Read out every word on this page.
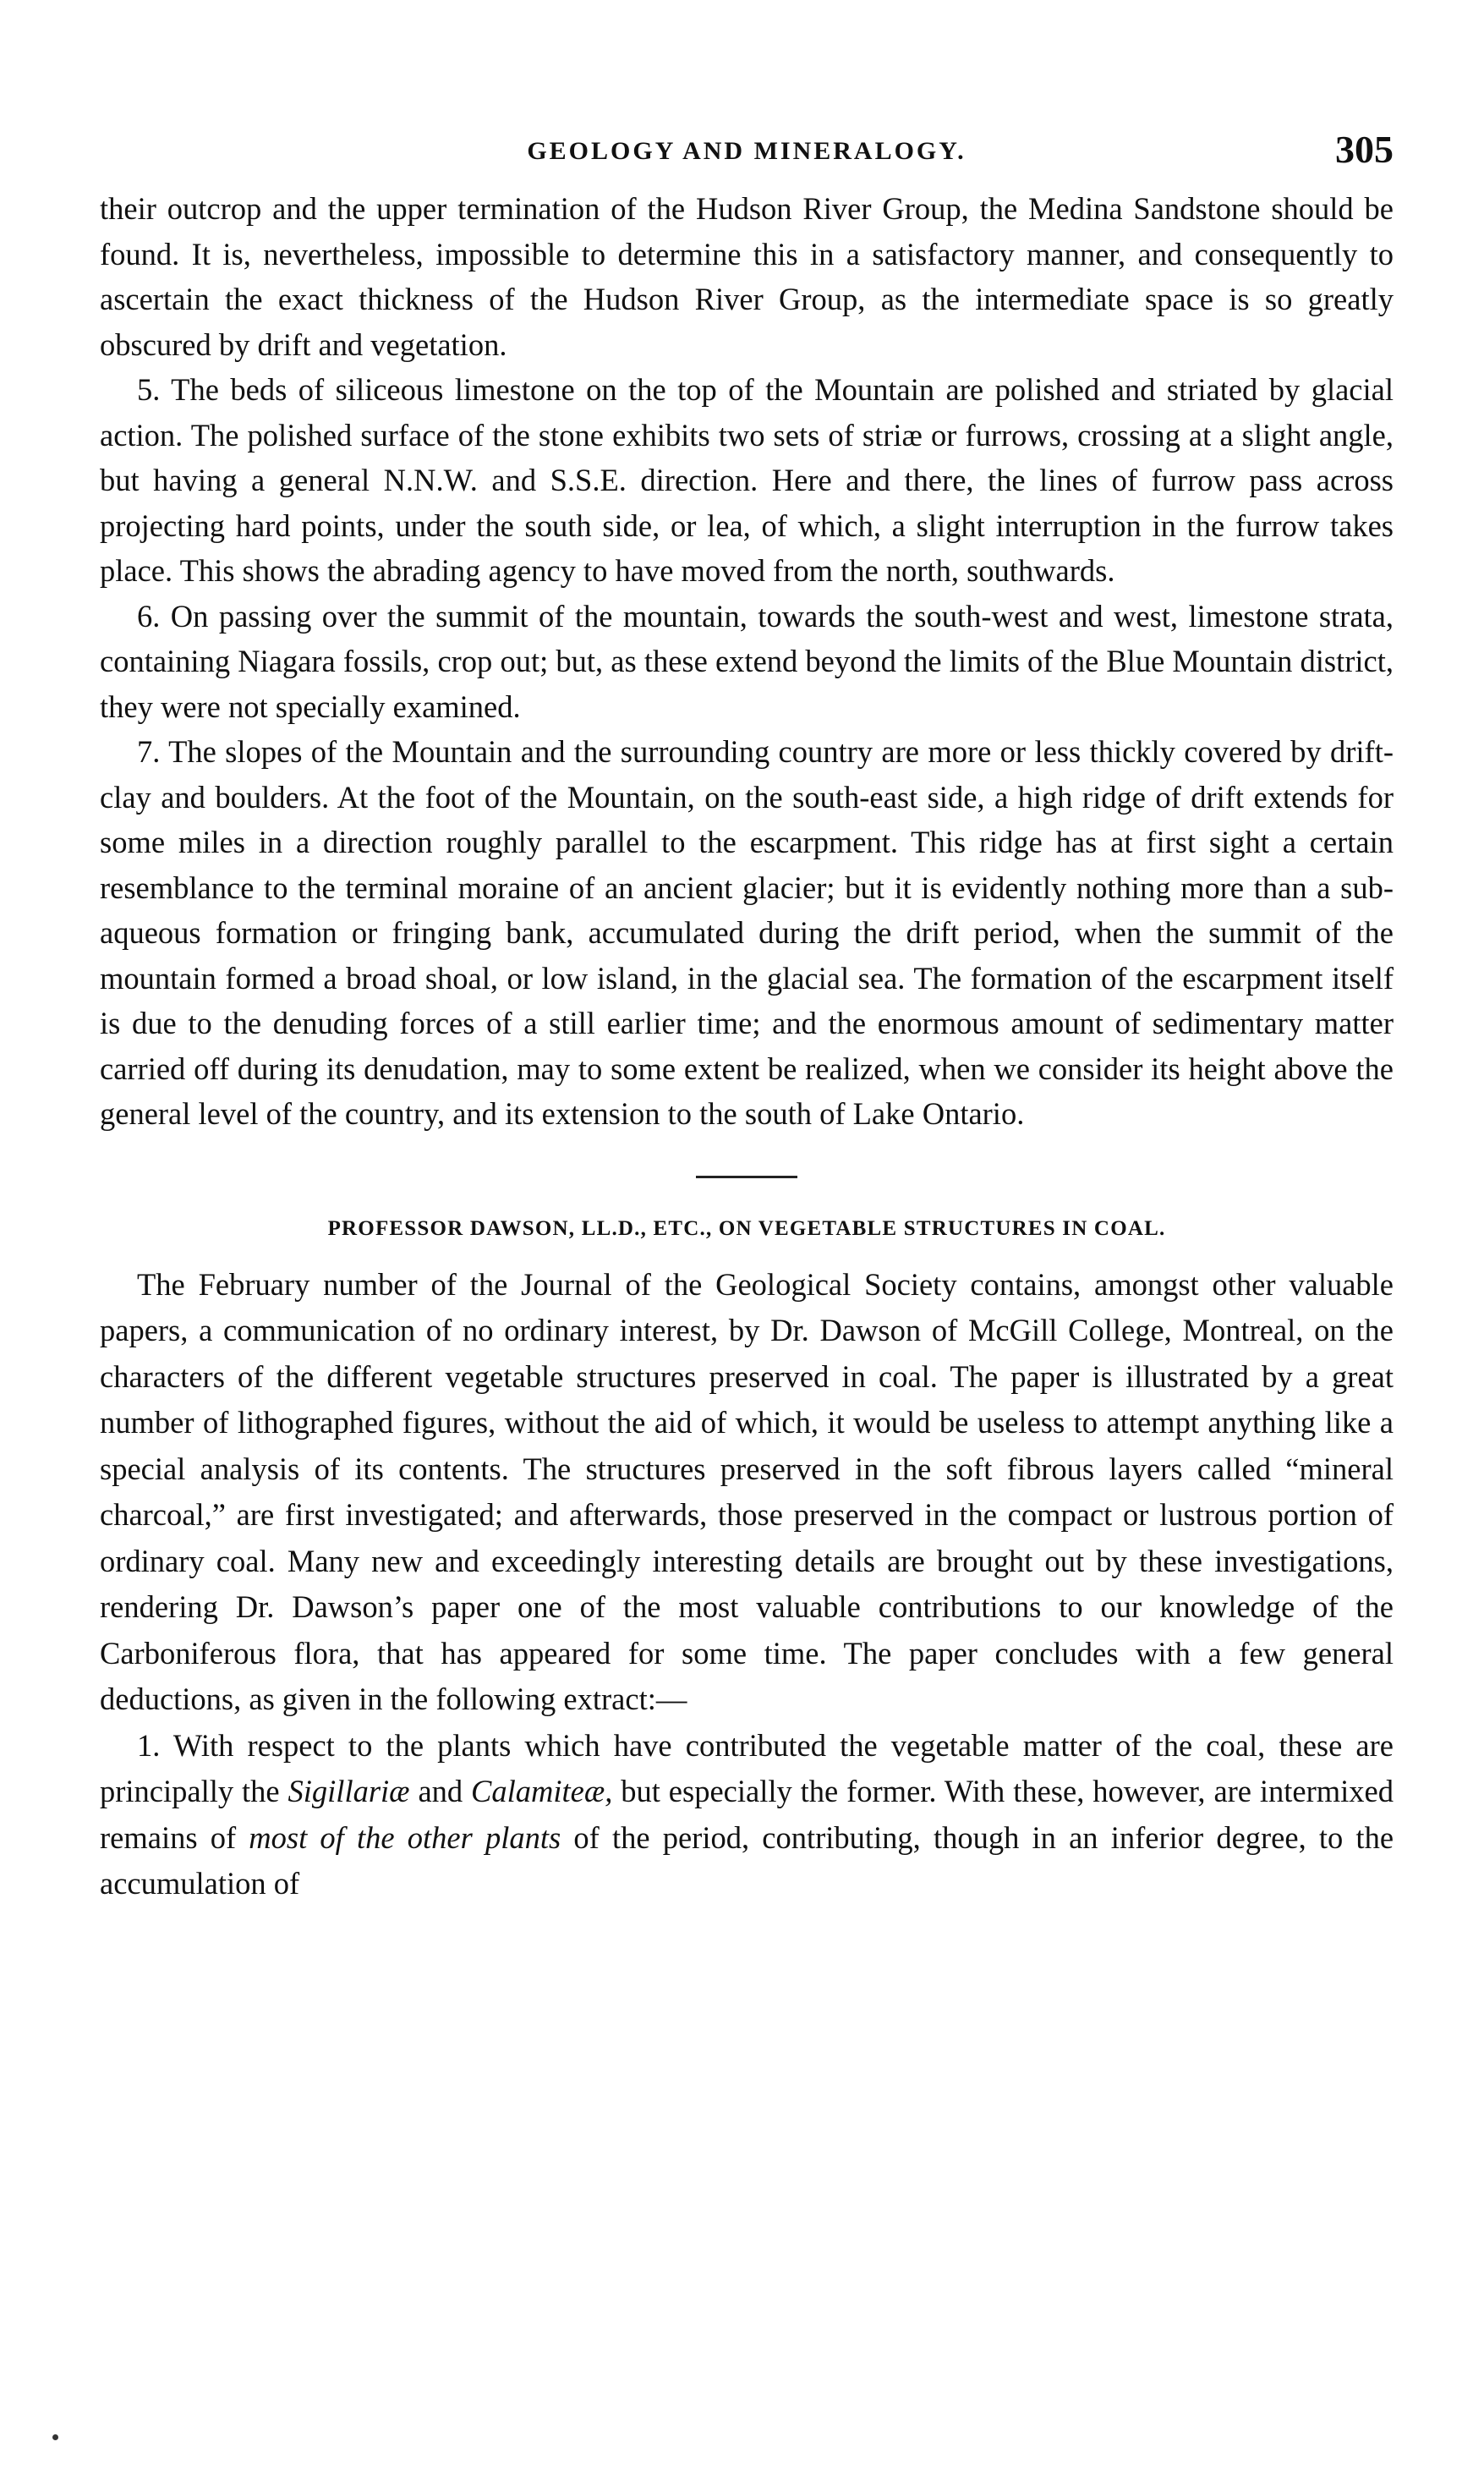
GEOLOGY AND MINERALOGY.	305

their outcrop and the upper termination of the Hudson River Group, the Medina Sandstone should be found. It is, nevertheless, impossible to determine this in a satisfactory manner, and consequently to ascertain the exact thickness of the Hudson River Group, as the intermediate space is so greatly obscured by drift and vegetation.

5. The beds of siliceous limestone on the top of the Mountain are polished and striated by glacial action. The polished surface of the stone exhibits two sets of striæ or furrows, crossing at a slight angle, but having a general N.N.W. and S.S.E. direction. Here and there, the lines of furrow pass across projecting hard points, under the south side, or lea, of which, a slight interruption in the furrow takes place. This shows the abrading agency to have moved from the north, southwards.

6. On passing over the summit of the mountain, towards the south-west and west, limestone strata, containing Niagara fossils, crop out; but, as these extend beyond the limits of the Blue Mountain district, they were not specially examined.

7. The slopes of the Mountain and the surrounding country are more or less thickly covered by drift-clay and boulders. At the foot of the Mountain, on the south-east side, a high ridge of drift extends for some miles in a direction roughly parallel to the escarpment. This ridge has at first sight a certain resemblance to the terminal moraine of an ancient glacier; but it is evidently nothing more than a sub-aqueous formation or fringing bank, accumulated during the drift period, when the summit of the mountain formed a broad shoal, or low island, in the glacial sea. The formation of the escarpment itself is due to the denuding forces of a still earlier time; and the enormous amount of sedimentary matter carried off during its denudation, may to some extent be realized, when we consider its height above the general level of the country, and its extension to the south of Lake Ontario.

PROFESSOR DAWSON, LL.D., ETC., ON VEGETABLE STRUCTURES IN COAL.

The February number of the Journal of the Geological Society contains, amongst other valuable papers, a communication of no ordinary interest, by Dr. Dawson of McGill College, Montreal, on the characters of the different vegetable structures preserved in coal. The paper is illustrated by a great number of lithographed figures, without the aid of which, it would be useless to attempt anything like a special analysis of its contents. The structures preserved in the soft fibrous layers called “mineral charcoal,” are first investigated; and afterwards, those preserved in the compact or lustrous portion of ordinary coal. Many new and exceedingly interesting details are brought out by these investigations, rendering Dr. Dawson’s paper one of the most valuable contributions to our knowledge of the Carboniferous flora, that has appeared for some time. The paper concludes with a few general deductions, as given in the following extract:—

1. With respect to the plants which have contributed the vegetable matter of the coal, these are principally the Sigillariæ and Calamiteæ, but especially the former. With these, however, are intermixed remains of most of the other plants of the period, contributing, though in an inferior degree, to the accumulation of
